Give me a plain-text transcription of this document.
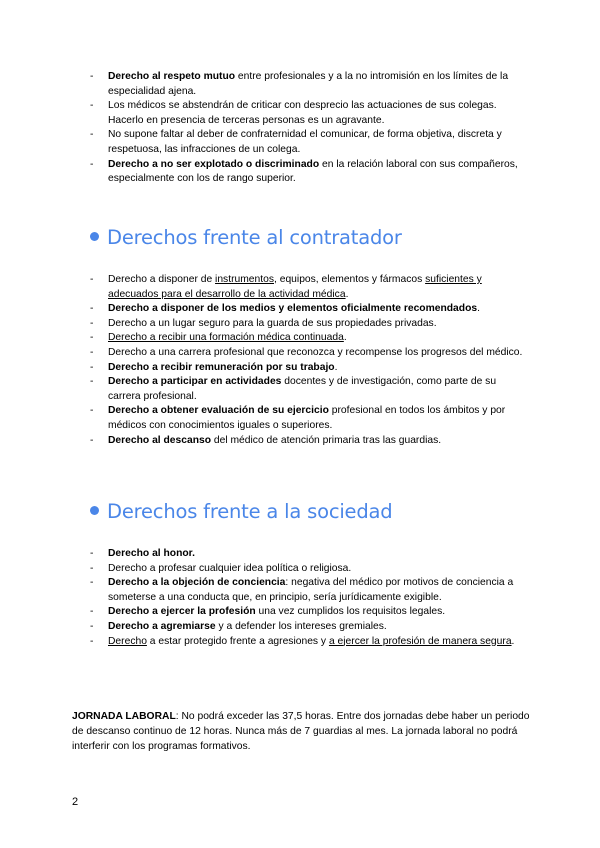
- Derecho al respeto mutuo entre profesionales y a la no intromisión en los límites de la especialidad ajena.
- Los médicos se abstendrán de criticar con desprecio las actuaciones de sus colegas. Hacerlo en presencia de terceras personas es un agravante.
- No supone faltar al deber de confraternidad el comunicar, de forma objetiva, discreta y respetuosa, las infracciones de un colega.
- Derecho a no ser explotado o discriminado en la relación laboral con sus compañeros, especialmente con los de rango superior.
Derechos frente al contratador
- Derecho a disponer de instrumentos, equipos, elementos y fármacos suficientes y adecuados para el desarrollo de la actividad médica.
- Derecho a disponer de los medios y elementos oficialmente recomendados.
- Derecho a un lugar seguro para la guarda de sus propiedades privadas.
- Derecho a recibir una formación médica continuada.
- Derecho a una carrera profesional que reconozca y recompense los progresos del médico.
- Derecho a recibir remuneración por su trabajo.
- Derecho a participar en actividades docentes y de investigación, como parte de su carrera profesional.
- Derecho a obtener evaluación de su ejercicio profesional en todos los ámbitos y por médicos con conocimientos iguales o superiores.
- Derecho al descanso del médico de atención primaria tras las guardias.
Derechos frente a la sociedad
- Derecho al honor.
- Derecho a profesar cualquier idea política o religiosa.
- Derecho a la objeción de conciencia: negativa del médico por motivos de conciencia a someterse a una conducta que, en principio, sería jurídicamente exigible.
- Derecho a ejercer la profesión una vez cumplidos los requisitos legales.
- Derecho a agremiarse y a defender los intereses gremiales.
- Derecho a estar protegido frente a agresiones y a ejercer la profesión de manera segura.
JORNADA LABORAL: No podrá exceder las 37,5 horas. Entre dos jornadas debe haber un periodo de descanso continuo de 12 horas. Nunca más de 7 guardias al mes. La jornada laboral no podrá interferir con los programas formativos.
2
